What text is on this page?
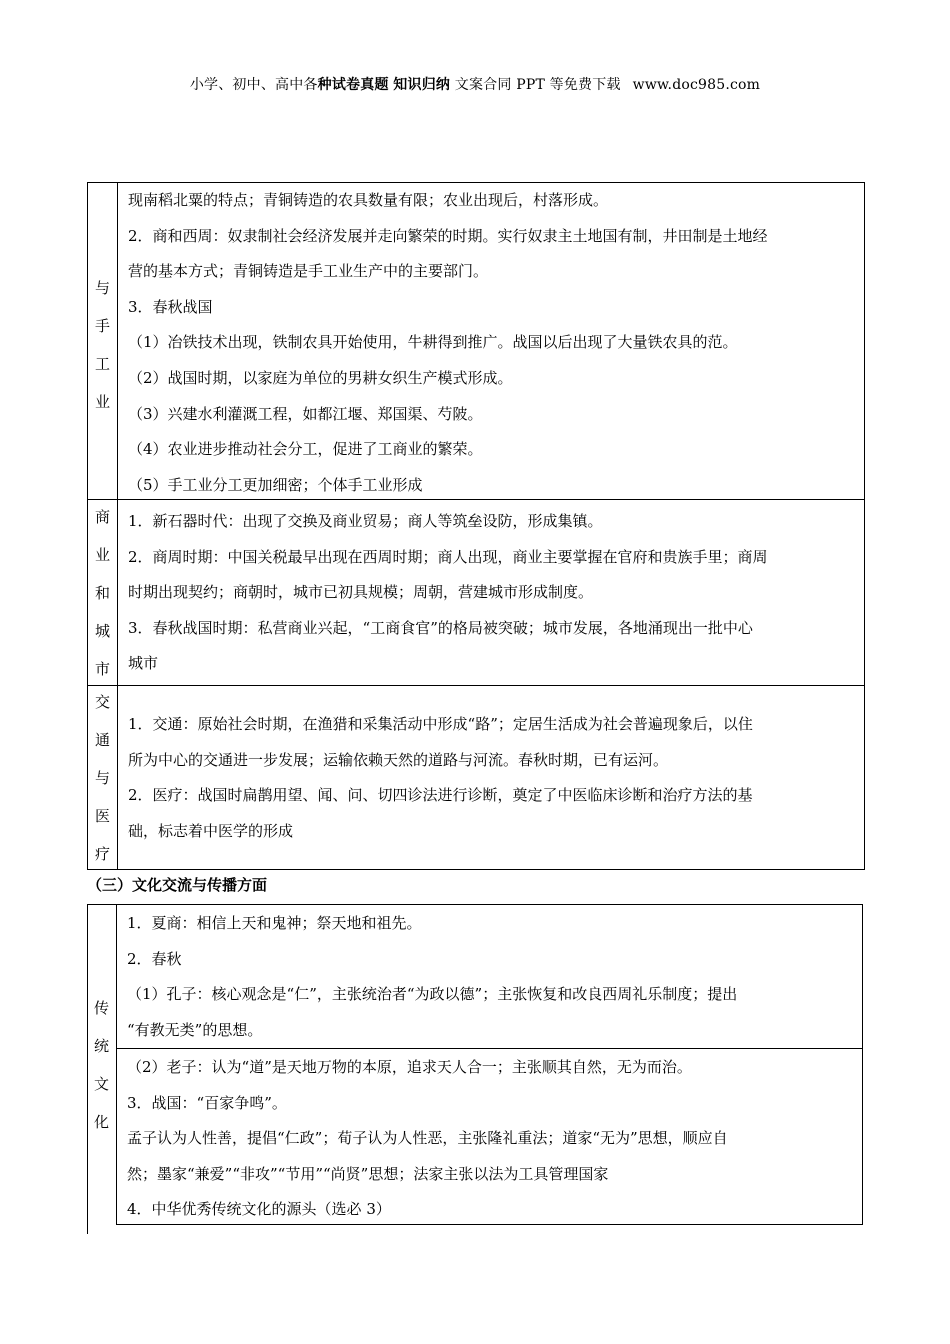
小学、初中、高中各种试卷真题 知识归纳 文案合同 PPT 等免费下载 www.doc985.com
与
手
工
业

现南稻北粟的特点；青铜铸造的农具数量有限；农业出现后，村落形成。

2．商和西周：奴隶制社会经济发展并走向繁荣的时期。实行奴隶主土地国有制，井田制是土地经

营的基本方式；青铜铸造是手工业生产中的主要部门。

3．春秋战国

（1）冶铁技术出现，铁制农具开始使用，牛耕得到推广。战国以后出现了大量铁农具的范。

（2）战国时期，以家庭为单位的男耕女织生产模式形成。

（3）兴建水利灌溉工程，如都江堰、郑国渠、芍陂。

（4）农业进步推动社会分工，促进了工商业的繁荣。

（5）手工业分工更加细密；个体手工业形成

商
业
和
城
市

1．新石器时代：出现了交换及商业贸易；商人等筑垒设防，形成集镇。

2．商周时期：中国关税最早出现在西周时期；商人出现，商业主要掌握在官府和贵族手里；商周

时期出现契约；商朝时，城市已初具规模；周朝，营建城市形成制度。

3．春秋战国时期：私营商业兴起，“工商食官”的格局被突破；城市发展，各地涌现出一批中心

城市

交
通
与
医
疗

1．交通：原始社会时期，在渔猎和采集活动中形成“路”；定居生活成为社会普遍现象后，以住

所为中心的交通进一步发展；运输依赖天然的道路与河流。春秋时期，已有运河。

2．医疗：战国时扁鹊用望、闻、问、切四诊法进行诊断，奠定了中医临床诊断和治疗方法的基

础，标志着中医学的形成

（三）文化交流与传播方面
传
统
文
化

1．夏商：相信上天和鬼神；祭天地和祖先。

2．春秋

（1）孔子：核心观念是“仁”，主张统治者“为政以德”；主张恢复和改良西周礼乐制度；提出

“有教无类”的思想。

（2）老子：认为“道”是天地万物的本原，追求天人合一；主张顺其自然，无为而治。

3．战国：“百家争鸣”。

孟子认为人性善，提倡“仁政”；荀子认为人性恶，主张隆礼重法；道家“无为”思想，顺应自

然；墨家“兼爱”“非攻”“节用”“尚贤”思想；法家主张以法为工具管理国家

4．中华优秀传统文化的源头（选必 3）
